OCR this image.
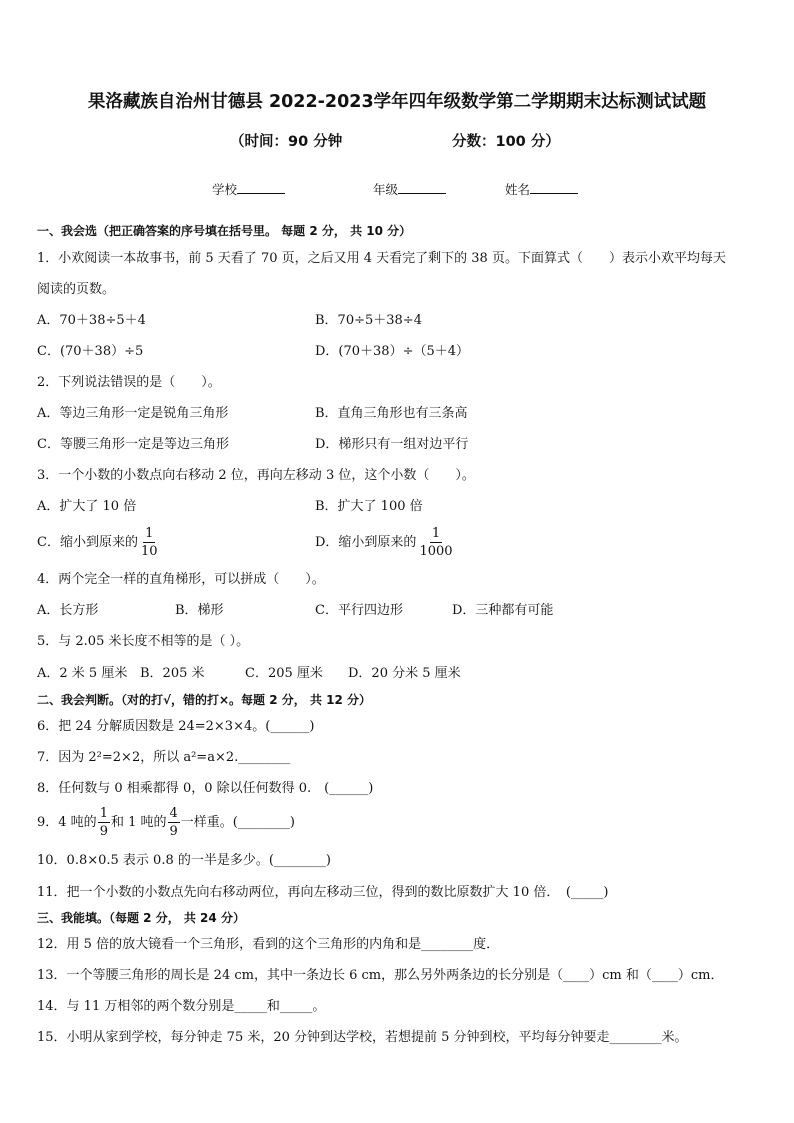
果洛藏族自治州甘德县 2022-2023学年四年级数学第二学期期末达标测试试题
（时间：90 分钟	分数：100 分）
学校	年级	姓名
一、我会选（把正确答案的序号填在括号里。 每题 2 分， 共 10 分）
1．小欢阅读一本故事书，前 5 天看了 70 页，之后又用 4 天看完了剩下的 38 页。下面算式（　　）表示小欢平均每天
阅读的页数。
A．70＋38÷5＋4	B．70÷5＋38÷4
C．(70＋38）÷5	D．(70＋38）÷（5＋4）
2．下列说法错误的是（　　）。
A．等边三角形一定是锐角三角形	B．直角三角形也有三条高
C．等腰三角形一定是等边三角形	D．梯形只有一组对边平行
3．一个小数的小数点向右移动 2 位，再向左移动 3 位，这个小数（　　）。
A．扩大了 10 倍	B．扩大了 100 倍
C．缩小到原来的 $\frac{1}{10}$	D．缩小到原来的 $\frac{1}{1000}$
4．两个完全一样的直角梯形，可以拼成（　　）。
A．长方形	B．梯形	C．平行四边形	D．三种都有可能
5．与 2.05 米长度不相等的是（ ）。
A．2 米 5 厘米 B．205 米	C．205 厘米 D．20 分米 5 厘米
二、我会判断。（对的打√，错的打×。每题 2 分， 共 12 分）
6．把 24 分解质因数是 24=2×3×4。(______)
7．因为 2²=2×2，所以 a²=a×2.________
8．任何数与 0 相乘都得 0，0 除以任何数得 0.　(______)
9．4 吨的 $\frac{1}{9}$ 和 1 吨的 $\frac{4}{9}$ 一样重。(________)
10．0.8×0.5 表示 0.8 的一半是多少。(________)
11．把一个小数的小数点先向右移动两位，再向左移动三位，得到的数比原数扩大 10 倍．　(_____)
三、我能填。（每题 2 分， 共 24 分）
12．用 5 倍的放大镜看一个三角形，看到的这个三角形的内角和是________度．
13．一个等腰三角形的周长是 24 cm，其中一条边长 6 cm，那么另外两条边的长分别是（____）cm 和（____）cm．
14．与 11 万相邻的两个数分别是_____和_____。
15．小明从家到学校，每分钟走 75 米，20 分钟到达学校，若想提前 5 分钟到校，平均每分钟要走________米。
